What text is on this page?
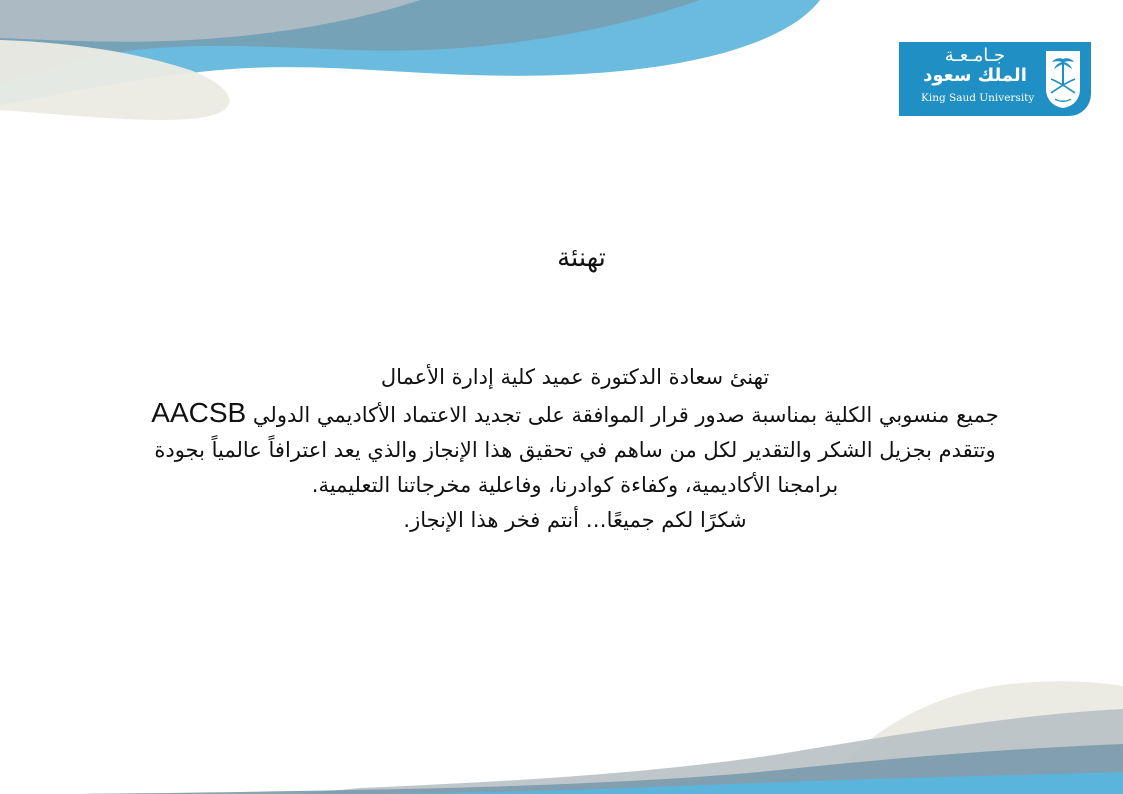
جـامـعـة
الملك سعود
King Saud University
تهنئة
تهنئ سعادة الدكتورة عميد كلية إدارة الأعمال
جميع منسوبي الكلية بمناسبة صدور قرار الموافقة على تجديد الاعتماد الأكاديمي الدولي AACSB
وتتقدم بجزيل الشكر والتقدير لكل من ساهم في تحقيق هذا الإنجاز والذي يعد اعترافاً عالمياً بجودة
برامجنا الأكاديمية، وكفاءة كوادرنا، وفاعلية مخرجاتنا التعليمية.
شكرًا لكم جميعًا… أنتم فخر هذا الإنجاز.
